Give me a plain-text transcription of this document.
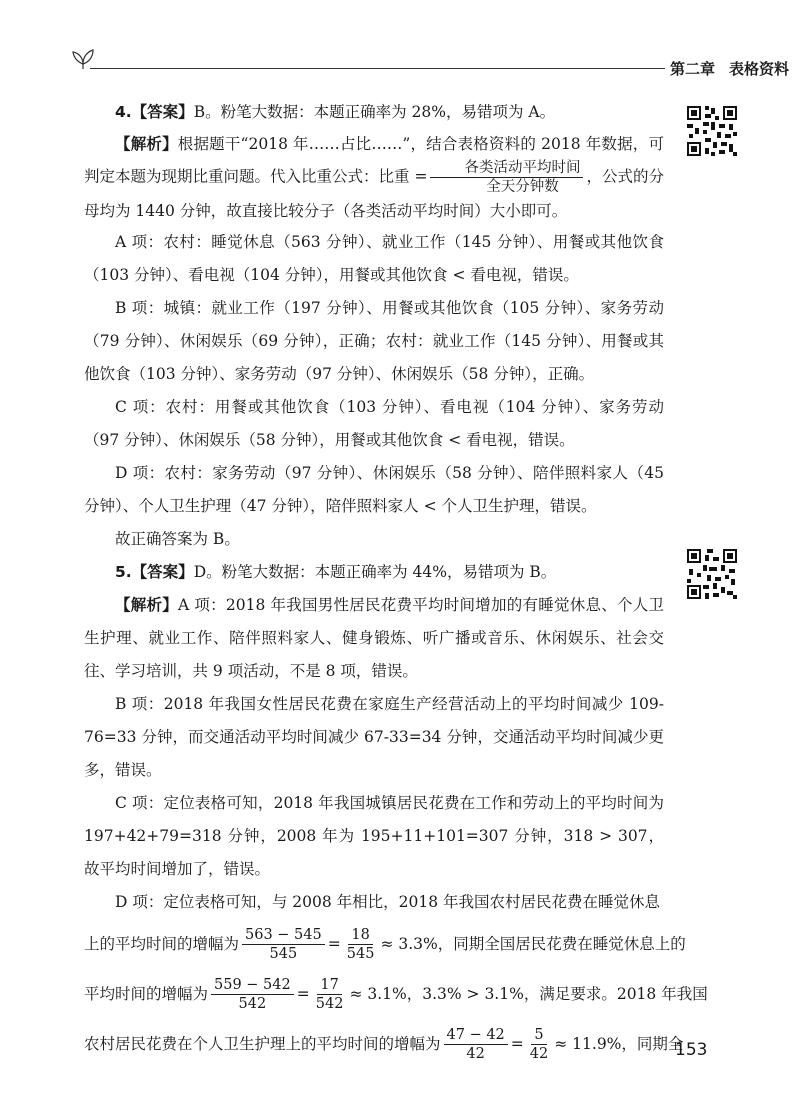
第二章 表格资料

4.【答案】B。粉笔大数据：本题正确率为 28%，易错项为 A。

【解析】根据题干“2018 年……占比……”，结合表格资料的 2018 年数据，可判定本题为现期比重问题。代入比重公式：比重 = $\frac{\text{各类活动平均时间}}{\text{全天分钟数}}$ ，公式的分母均为 1440 分钟，故直接比较分子（各类活动平均时间）大小即可。

A 项：农村：睡觉休息（563 分钟）、就业工作（145 分钟）、用餐或其他饮食（103 分钟）、看电视（104 分钟），用餐或其他饮食 < 看电视，错误。

B 项：城镇：就业工作（197 分钟）、用餐或其他饮食（105 分钟）、家务劳动（79 分钟）、休闲娱乐（69 分钟），正确；农村：就业工作（145 分钟）、用餐或其他饮食（103 分钟）、家务劳动（97 分钟）、休闲娱乐（58 分钟），正确。

C 项：农村：用餐或其他饮食（103 分钟）、看电视（104 分钟）、家务劳动（97 分钟）、休闲娱乐（58 分钟），用餐或其他饮食 < 看电视，错误。

D 项：农村：家务劳动（97 分钟）、休闲娱乐（58 分钟）、陪伴照料家人（45 分钟）、个人卫生护理（47 分钟），陪伴照料家人 < 个人卫生护理，错误。

故正确答案为 B。

5.【答案】D。粉笔大数据：本题正确率为 44%，易错项为 B。

【解析】A 项：2018 年我国男性居民花费平均时间增加的有睡觉休息、个人卫生护理、就业工作、陪伴照料家人、健身锻炼、听广播或音乐、休闲娱乐、社会交往、学习培训，共 9 项活动，不是 8 项，错误。

B 项：2018 年我国女性居民花费在家庭生产经营活动上的平均时间减少 109-76=33 分钟，而交通活动平均时间减少 67-33=34 分钟，交通活动平均时间减少更多，错误。

C 项：定位表格可知，2018 年我国城镇居民花费在工作和劳动上的平均时间为 197+42+79=318 分钟，2008 年为 195+11+101=307 分钟，318 > 307，故平均时间增加了，错误。

D 项：定位表格可知，与 2008 年相比，2018 年我国农村居民花费在睡觉休息

上的平均时间的增幅为 $\frac{563 - 545}{545} = \frac{18}{545} \approx 3.3\%$，同期全国居民花费在睡觉休息上的
平均时间的增幅为 $\frac{559 - 542}{542} = \frac{17}{542} \approx 3.1\%$，3.3% > 3.1%，满足要求。2018 年我国
农村居民花费在个人卫生护理上的平均时间的增幅为 $\frac{47 - 42}{42} = \frac{5}{42} \approx 11.9\%$，同期全
153
